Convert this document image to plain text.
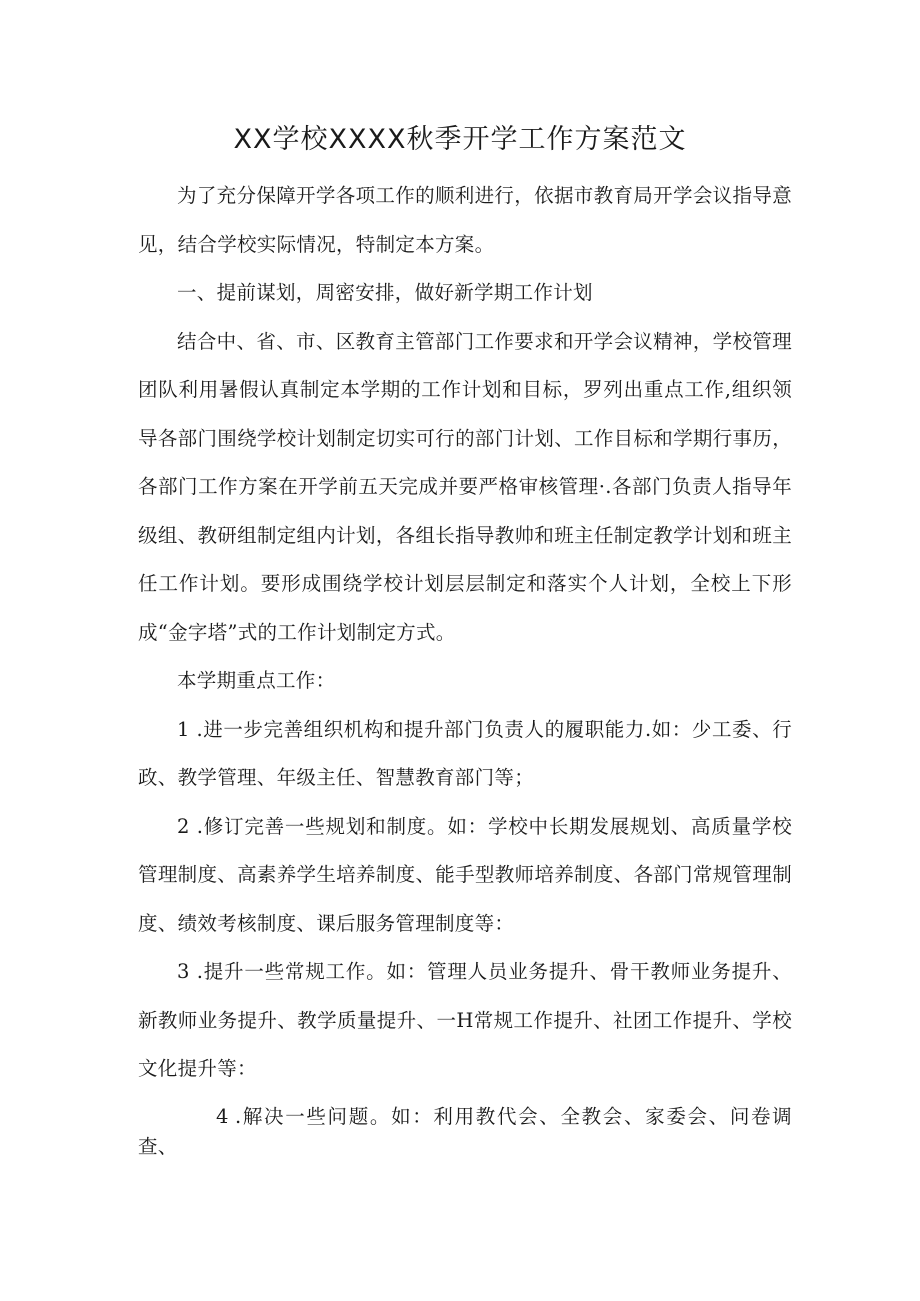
XX学校XXXX秋季开学工作方案范文

为了充分保障开学各项工作的顺利进行，依据市教育局开学会议指导意见，结合学校实际情况，特制定本方案。

一、提前谋划，周密安排，做好新学期工作计划

结合中、省、市、区教育主管部门工作要求和开学会议精神，学校管理团队利用暑假认真制定本学期的工作计划和目标，罗列出重点工作,组织领导各部门围绕学校计划制定切实可行的部门计划、工作目标和学期行事历，各部门工作方案在开学前五天完成并要严格审核管理·.各部门负责人指导年级组、教研组制定组内计划，各组长指导教帅和班主任制定教学计划和班主任工作计划。要形成围绕学校计划层层制定和落实个人计划，全校上下形成“金字塔”式的工作计划制定方式。

本学期重点工作：

1 .进一步完善组织机构和提升部门负责人的履职能力.如：少工委、行政、教学管理、年级主任、智慧教育部门等；

2 .修订完善一些规划和制度。如：学校中长期发展规划、高质量学校管理制度、高素养学生培养制度、能手型教师培养制度、各部门常规管理制度、绩效考核制度、课后服务管理制度等：

3 .提升一些常规工作。如：管理人员业务提升、骨干教师业务提升、新教师业务提升、教学质量提升、一H常规工作提升、社团工作提升、学校文化提升等：

4 .解决一些问题。如：利用教代会、全教会、家委会、问卷调查、
